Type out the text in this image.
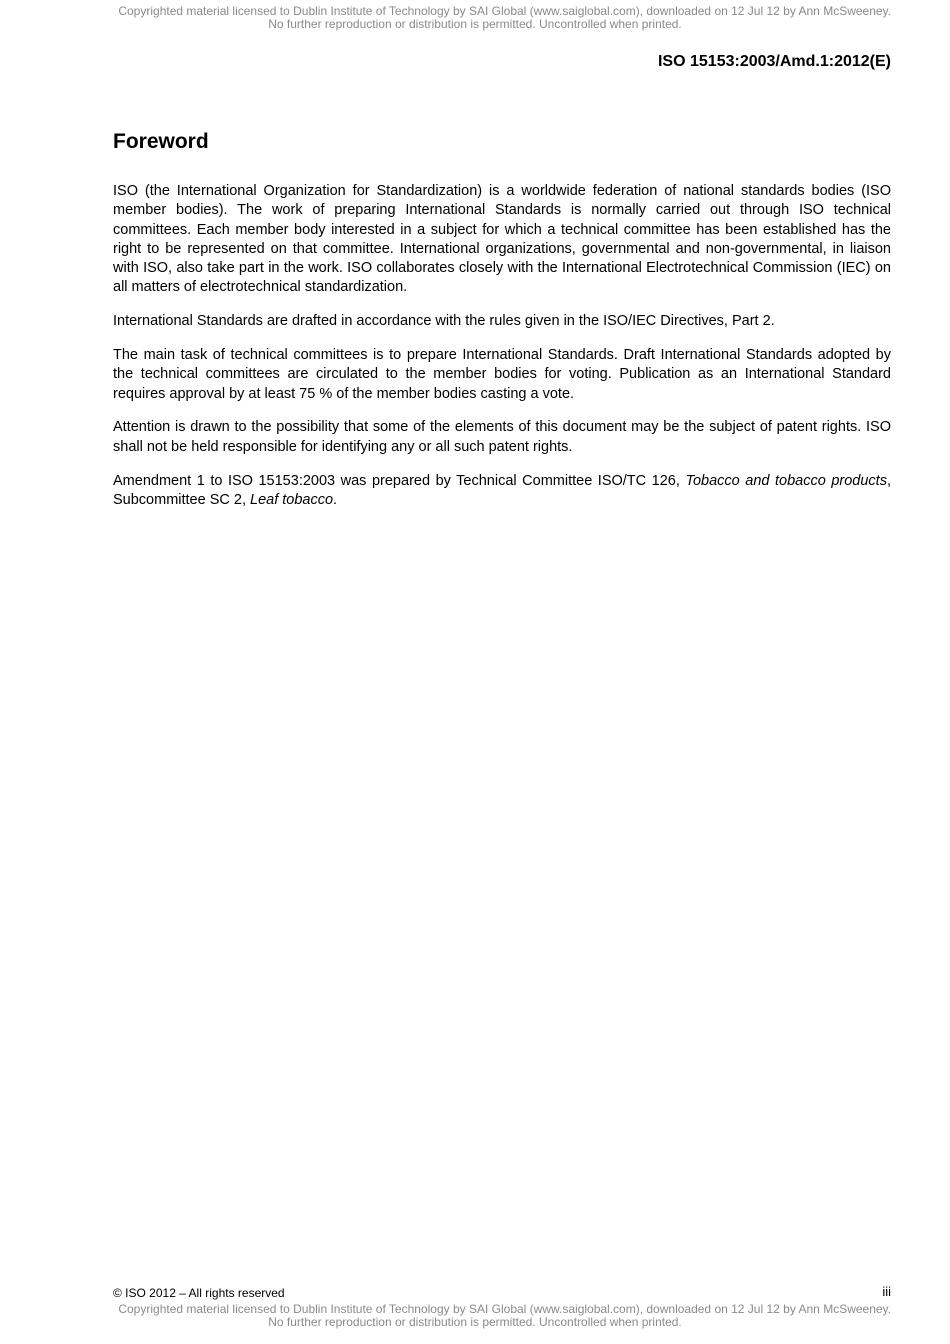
Copyrighted material licensed to Dublin Institute of Technology by SAI Global (www.saiglobal.com), downloaded on 12 Jul 12 by Ann McSweeney.
No further reproduction or distribution is permitted. Uncontrolled when printed.
ISO 15153:2003/Amd.1:2012(E)
Foreword

ISO (the International Organization for Standardization) is a worldwide federation of national standards bodies (ISO member bodies). The work of preparing International Standards is normally carried out through ISO technical committees. Each member body interested in a subject for which a technical committee has been established has the right to be represented on that committee. International organizations, governmental and non-governmental, in liaison with ISO, also take part in the work. ISO collaborates closely with the International Electrotechnical Commission (IEC) on all matters of electrotechnical standardization.

International Standards are drafted in accordance with the rules given in the ISO/IEC Directives, Part 2.

The main task of technical committees is to prepare International Standards. Draft International Standards adopted by the technical committees are circulated to the member bodies for voting. Publication as an International Standard requires approval by at least 75 % of the member bodies casting a vote.

Attention is drawn to the possibility that some of the elements of this document may be the subject of patent rights. ISO shall not be held responsible for identifying any or all such patent rights.

Amendment 1 to ISO 15153:2003 was prepared by Technical Committee ISO/TC 126, Tobacco and tobacco products, Subcommittee SC 2, Leaf tobacco.

© ISO 2012 – All rights reserved	iii
Copyrighted material licensed to Dublin Institute of Technology by SAI Global (www.saiglobal.com), downloaded on 12 Jul 12 by Ann McSweeney.
No further reproduction or distribution is permitted. Uncontrolled when printed.
